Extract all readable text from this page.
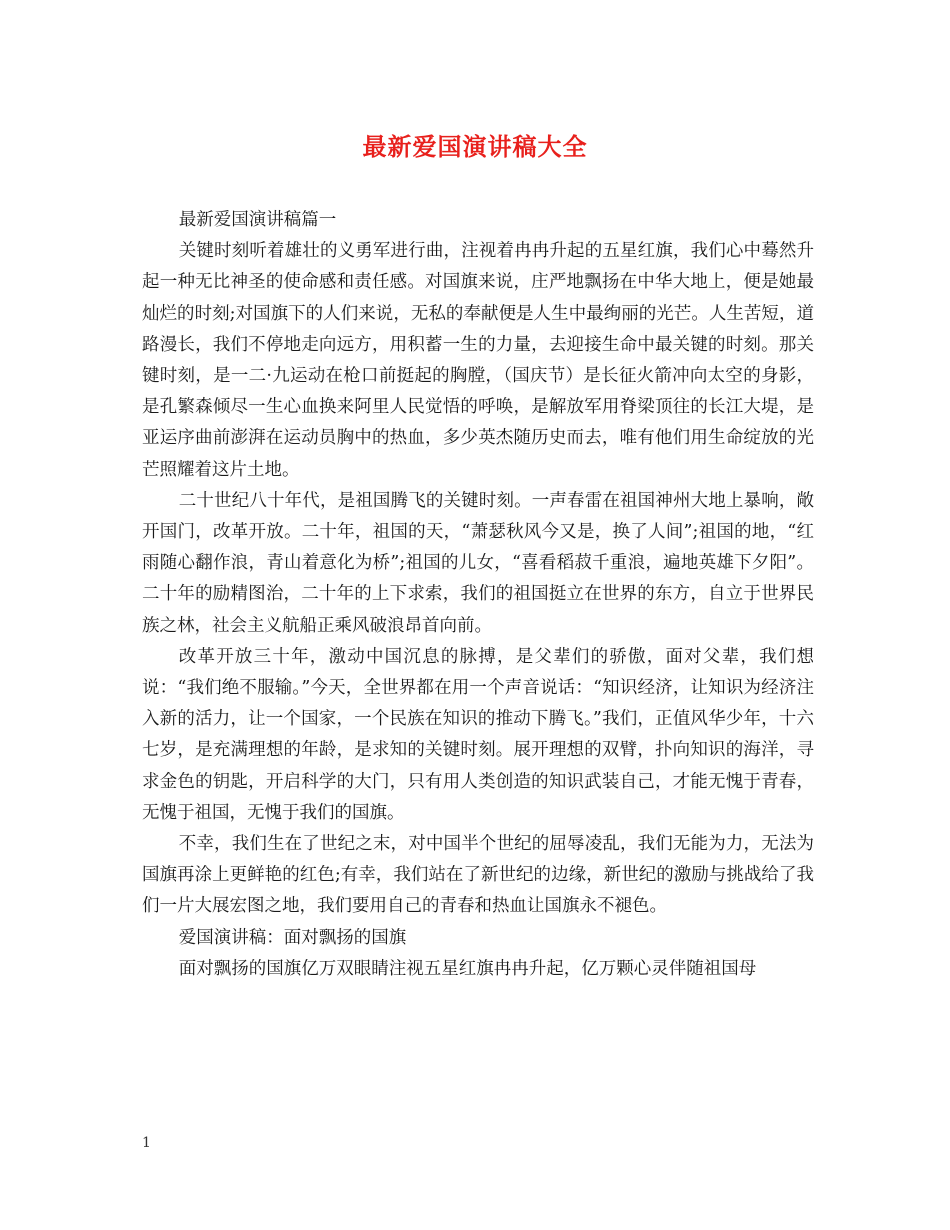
最新爱国演讲稿大全

最新爱国演讲稿篇一

关键时刻听着雄壮的义勇军进行曲，注视着冉冉升起的五星红旗，我们心中蓦然升起一种无比神圣的使命感和责任感。对国旗来说，庄严地飘扬在中华大地上，便是她最灿烂的时刻;对国旗下的人们来说，无私的奉献便是人生中最绚丽的光芒。人生苦短，道路漫长，我们不停地走向远方，用积蓄一生的力量，去迎接生命中最关键的时刻。那关键时刻，是一二·九运动在枪口前挺起的胸膛，（国庆节）是长征火箭冲向太空的身影，是孔繁森倾尽一生心血换来阿里人民觉悟的呼唤，是解放军用脊梁顶往的长江大堤，是亚运序曲前澎湃在运动员胸中的热血，多少英杰随历史而去，唯有他们用生命绽放的光芒照耀着这片土地。

二十世纪八十年代，是祖国腾飞的关键时刻。一声春雷在祖国神州大地上暴响，敞开国门，改革开放。二十年，祖国的天，“萧瑟秋风今又是，换了人间”;祖国的地，“红雨随心翻作浪，青山着意化为桥”;祖国的儿女，“喜看稻菽千重浪，遍地英雄下夕阳”。二十年的励精图治，二十年的上下求索，我们的祖国挺立在世界的东方，自立于世界民族之林，社会主义航船正乘风破浪昂首向前。

改革开放三十年，激动中国沉息的脉搏，是父辈们的骄傲，面对父辈，我们想说：“我们绝不服输。”今天，全世界都在用一个声音说话：“知识经济，让知识为经济注入新的活力，让一个国家，一个民族在知识的推动下腾飞。”我们，正值风华少年，十六七岁，是充满理想的年龄，是求知的关键时刻。展开理想的双臂，扑向知识的海洋，寻求金色的钥匙，开启科学的大门，只有用人类创造的知识武装自己，才能无愧于青春，无愧于祖国，无愧于我们的国旗。

不幸，我们生在了世纪之末，对中国半个世纪的屈辱凌乱，我们无能为力，无法为国旗再涂上更鲜艳的红色;有幸，我们站在了新世纪的边缘，新世纪的激励与挑战给了我们一片大展宏图之地，我们要用自己的青春和热血让国旗永不褪色。

爱国演讲稿：面对飘扬的国旗

面对飘扬的国旗亿万双眼睛注视五星红旗冉冉升起，亿万颗心灵伴随祖国母

1
